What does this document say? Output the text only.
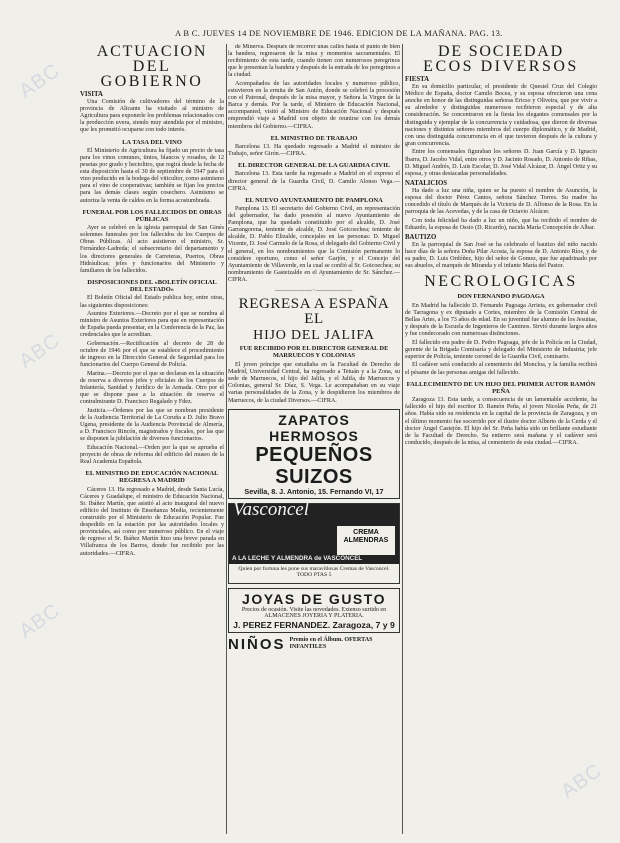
ABC
ABC
ABC
ABC
A B C. JUEVES 14 DE NOVIEMBRE DE 1946. EDICION DE LA MAÑANA. PAG. 13.
ACTUACION
DEL GOBIERNO
VISITA

Una Comisión de cultivadores del término de la provincia de Alicante ha visitado al ministro de Agricultura para exponerle los problemas relacionados con la producción uvera, siendo muy atendida por el ministro, que les prometió ocuparse con todo interés.

LA TASA DEL VINO

El Ministerio de Agricultura ha fijado un precio de tasa para los vinos comunes, tintos, blancos y rosados, de 12 pesetas por grado y hectolitro, que regirá desde la fecha de esta disposición hasta el 30 de septiembre de 1947 para el vino producido en la bodega del viticultor, como asimismo para el vino de cooperativas; también se fijan los precios para las demás clases según cosechero. Asimismo se autoriza la venta de caldos en la forma acostumbrada.

FUNERAL POR LOS FALLECIDOS DE OBRAS PÚBLICAS

Ayer se celebró en la iglesia parroquial de San Ginés solemnes funerales por los fallecidos de los Cuerpos de Obras Públicas. Al acto asistieron el ministro, Sr. Fernández-Ladreda; el subsecretario del departamento y los directores generales de Carreteras, Puertos, Obras Hidráulicas; jefes y funcionarios del Ministerio y familiares de los fallecidos.

DISPOSICIONES DEL «BOLETÍN OFICIAL DEL ESTADO»

El Boletín Oficial del Estado publica hoy, entre otras, las siguientes disposiciones:

Asuntos Exteriores.—Decreto por el que se nombra al ministro de Asuntos Exteriores para que en representación de España pueda presentar, en la Conferencia de la Paz, las credenciales que le acreditan.

Gobernación.—Rectificación al decreto de 28 de octubre de 1946 por el que se establece el procedimiento de ingreso en la Dirección General de Seguridad para los funcionarios del Cuerpo General de Policía.

Marina.—Decreto por el que se declaran en la situación de reserva a diversos jefes y oficiales de los Cuerpos de Infantería, Sanidad y Jurídico de la Armada. Otro por el que se dispone pase a la situación de reserva el contralmirante D. Francisco Regalado y Fdez.

Justicia.—Órdenes por las que se nombran presidente de la Audiencia Territorial de La Coruña a D. Julio Bravo Ugena, presidente de la Audiencia Provincial de Almería, a D. Francisco Rincón, magistrados y fiscales, por las que se disponen la jubilación de diversos funcionarios.

Educación Nacional.—Orden por la que se aprueba el proyecto de obras de reforma del edificio del museo de la Real Academia Española.

EL MINISTRO DE EDUCACIÓN NACIONAL REGRESA A MADRID

Cáceres 13. Ha regresado a Madrid, desde Santa Lucía, Cáceres y Guadalupe, el ministro de Educación Nacional, Sr. Ibáñez Martín, que asistió al acto inaugural del nuevo edificio del Instituto de Enseñanza Media, recientemente construido por el Ministerio de Educación Popular. Fue despedido en la estación por las autoridades locales y provinciales, así como por numeroso público. En el viaje de regreso el Sr. Ibáñez Martín hizo una breve parada en Villafranca de los Barros, donde fue recibido por las autoridades.—CIFRA.

de Minerva. Después de recorrer unas calles hasta el punto de bien la bandera, regresaron de la misa y momentos sacramentales. El recibimiento de esta tarde, cuando tienen con numerosos peregrinos que le presentan la bandera y después de la entrada de los peregrinos a la ciudad.

Acompañados de las autoridades locales y numeroso público, estuvieron en la ermita de San Antón, donde se celebró la procesión con el Patronal, después de la misa mayor, y Señora la Virgen de la Barca y demás. Por la tarde, el Ministro de Educación Nacional, accompanied, visitó al Ministro de Educación Nacional y después emprendió viaje a Madrid con objeto de reunirse con los demás miembros del Gobierno.—CIFRA.

EL MINISTRO DE TRABAJO

Barcelona 13. Ha quedado regresado a Madrid el ministro de Trabajo, señor Girón.—CIFRA.

EL DIRECTOR GENERAL DE LA GUARDIA CIVIL

Barcelona 13. Esta tarde ha regresado a Madrid en el expreso el director general de la Guardia Civil, D. Camilo Alonso Vega.—CIFRA.

EL NUEVO AYUNTAMIENTO DE PAMPLONA

Pamplona 13. El secretario del Gobierno Civil, en representación del gobernador, ha dado posesión al nuevo Ayuntamiento de Pamplona, que ha quedado constituido por el alcalde, D. José Garrangorena, teniente de alcalde, D. José Goicoechea; teniente de alcalde, D. Pablo Elizalde, concejales en las personas: D. Miguel Vicente, D. José Carmelo de la Rosa, el delegado del Gobierno Civil y el general, en los nombramientos que la Comisión permanente lo considere oportuno, como el señor Garjón, y el Concejo del Ayuntamiento de Villaverde, en la cual se confió al Sr. Goicoechea; su nombramiento de Gasteizalde en el Ayuntamiento de Sr. Sánchez.—CIFRA.

—————·—————
REGRESA A ESPAÑA EL
HIJO DEL JALIFA
FUE RECIBIDO POR EL DIRECTOR GENERAL DE MARRUECOS Y COLONIAS

El joven príncipe que estudiaba en la Facultad de Derecho de Madrid, Universidad Central, ha regresado a Tetuán y a la Zona, su sede de Marruecos, el hijo del Jalifa, y el Jalifa, de Marruecos y Colonias, general Sr. Díaz, S. Vega. Le acompañaban en su viaje varias personalidades de la Zona, y le despidieron los miembros de Marruecos, de la ciudad Diversos.—CIFRA.

ZAPATOS HERMOSOS
PEQUEÑOS SUIZOS
Sevilla, 8. J. Antonio, 15. Fernando VI, 17
Vasconcel
CREMA ALMENDRAS
A LA LECHE Y ALMENDRA de VASCONCEL
Quien por fortuna les pone sus maravillosas Cremas de Vasconcel. TODO PTAS 5
JOYAS DE GUSTO
Precios de ocasión. Visite las novedades. Extenso surtido en ALMACENES JOYERIA Y PLATERIA.
J. PEREZ FERNANDEZ. Zaragoza, 7 y 9
NIÑOS Premio en el Álbum. OFERTAS INFANTILES
DE SOCIEDAD
ECOS DIVERSOS
FIESTA

En su domicilio particular, el presidente de Quesiel Cruz del Colegio Médico de España, doctor Camilo Bocea, y su esposa ofrecieron una cena anoche en honor de las distinguidas señoras Ericso y Oliveira, que por vivir a su alrededor y distinguidas numerosos recibieron especial y de alta consideración. Se concentraron en la fiesta los elegantes comensales por la distinguida y ejemplar de la concurrencia y cuidadosa, que dieron de diversas naciones y distintos señores miembros del cuerpo diplomático, y de Madrid, con una distinguida concurrencia en el que tuvieron después de la cultura y gran concurrencia.

Entre los comensales figuraban los señores D. Juan García y D. Ignacio Ibarra, D. Jacobo Vidal, entre otros y D. Jacinto Rosado, D. Antonio de Ribas, D. Miguel Andrés, D. Luis Escolar, D. José Vidal Alcázar, D. Ángel Ortiz y su esposa, y otras destacadas personalidades.

NATALICIOS

Ha dado a luz una niña, quien se ha puesto el nombre de Asunción, la esposa del doctor Pérez Cantos, señora Sánchez Torres. Su madre ha concedido el título de Marqués de la Victoria de D. Alfonso de la Rosa. En la parroquia de las Acevedas, y de la casa de Octavio Alcácer.

Con toda felicidad ha dado a luz un niño, que ha recibido el nombre de Eduardo, la esposa de Ossio (D. Ricardo), nacida María Concepción de Albar.

BAUTIZO

En la parroquial de San José se ha celebrado el bautizo del niño nacido hace días de la señora Doña Pilar Acosta, la esposa de D. Antonio Ríos, y de su padre, D. Luis Ordóñez, hijo del señor de Gomez, que fue apadrinado por sus abuelos, el marqués de Miranda y el infante María del Pastor.

NECROLOGICAS
DON FERNANDO PAGOAGA

En Madrid ha fallecido D. Fernando Pagoaga Arrieta, ex gobernador civil de Tarragona y ex diputado a Cortes, miembro de la Comisión Central de Bellas Artes, a los 73 años de edad. En su juventud fue alumno de los Jesuitas, y después de la Escuela de Ingenieros de Caminos. Sirvió durante largos años y fue condecorado con numerosas distinciones.

El fallecido era padre de D. Pedro Pagoaga, jefe de la Policía en la Ciudad, gerente de la Brigada Comisaría y delegado del Ministerio de Industria; jefe superior de Policía, teniente coronel de la Guardia Civil, comisario.

El cadáver será conducido al cementerio del Moncloa, y la familia recibirá el pésame de las personas amigas del fallecido.

FALLECIMIENTO DE UN HIJO DEL PRIMER AUTOR RAMÓN PEÑA

Zaragoza 13. Esta tarde, a consecuencia de un lamentable accidente, ha fallecido el hijo del escritor D. Ramón Peña, el joven Nicolás Peña, de 21 años. Había sido su residencia en la capital de la provincia de Zaragoza, y en el último momento fue socorrido por el ilustre doctor Alberto de la Cerda y el doctor Ángel Castejón. El hijo del Sr. Peña había sido un brillante estudiante de la Facultad de Derecho. Su entierro será mañana y el cadáver será conducido, después de la misa, al cementerio de esta ciudad.—CIFRA.
